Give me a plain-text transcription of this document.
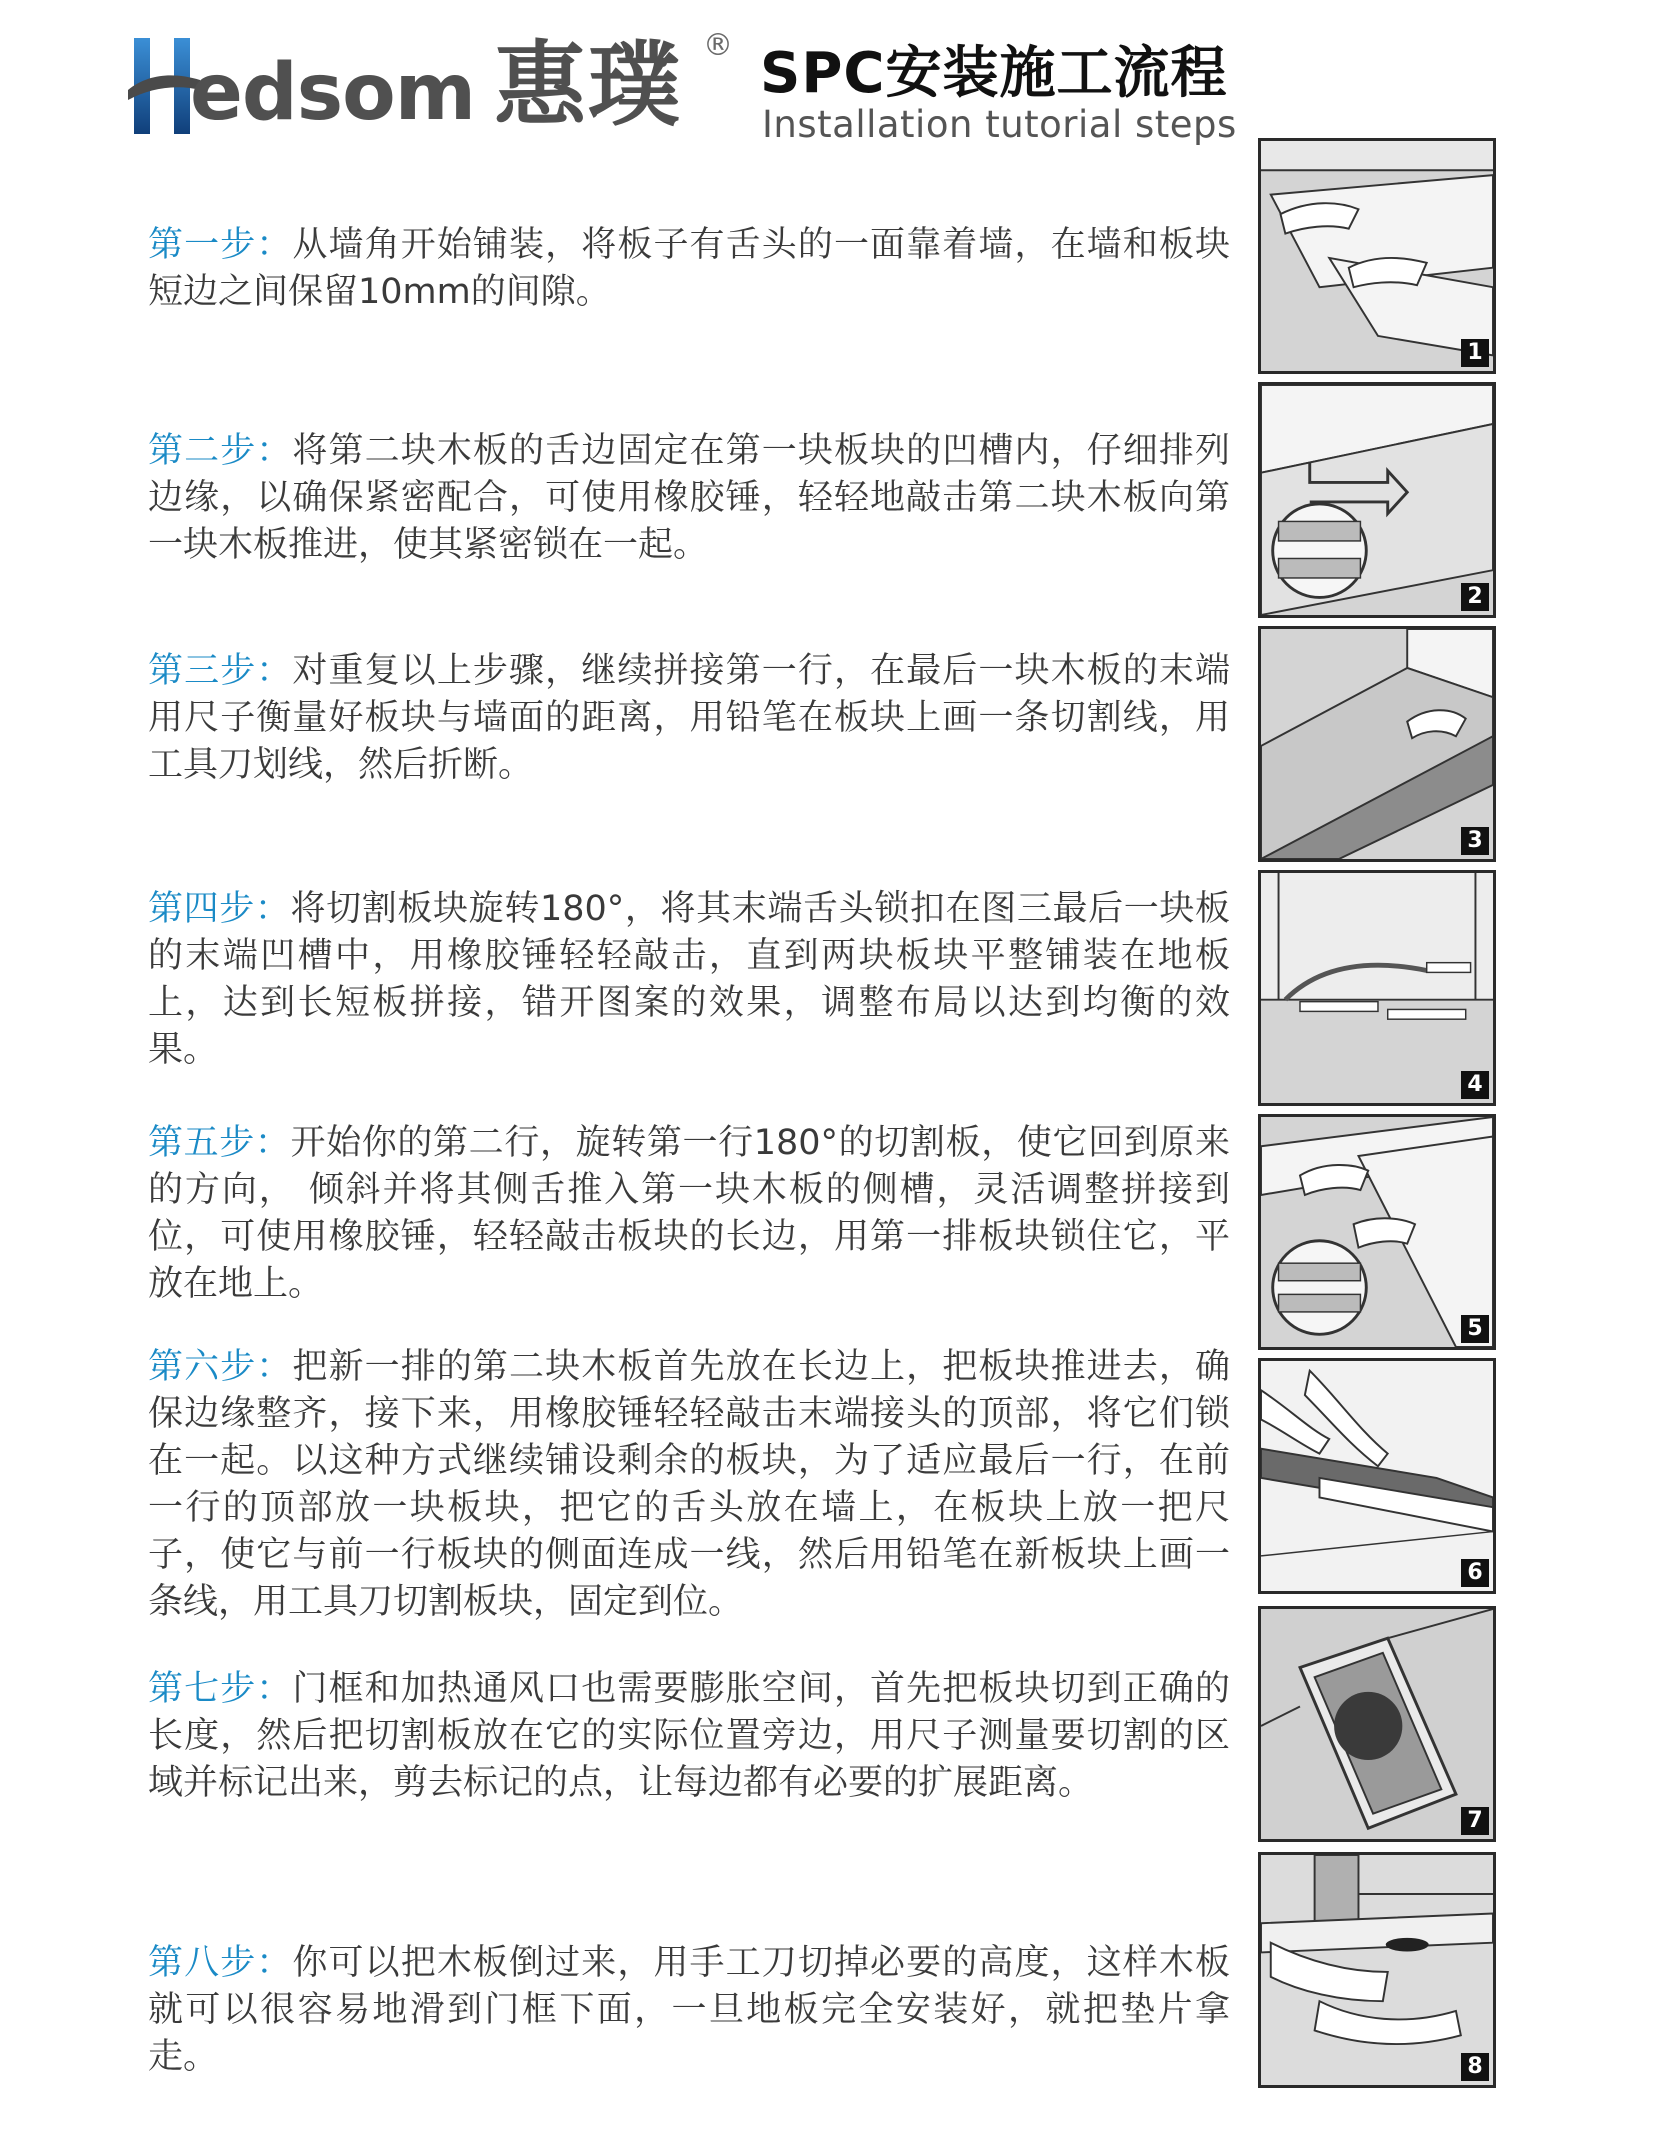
edsom 惠璞 ® SPC安装施工流程
Installation tutorial steps
第一步：从墙角开始铺装，将板子有舌头的一面靠着墙，在墙和板块短边之间保留10mm的间隙。
第二步：将第二块木板的舌边固定在第一块板块的凹槽内，仔细排列边缘，以确保紧密配合，可使用橡胶锤，轻轻地敲击第二块木板向第一块木板推进，使其紧密锁在一起。
第三步：对重复以上步骤，继续拼接第一行，在最后一块木板的末端用尺子衡量好板块与墙面的距离，用铅笔在板块上画一条切割线，用工具刀划线，然后折断。
第四步：将切割板块旋转180°，将其末端舌头锁扣在图三最后一块板的末端凹槽中，用橡胶锤轻轻敲击，直到两块板块平整铺装在地板上，达到长短板拼接，错开图案的效果，调整布局以达到均衡的效果。
第五步：开始你的第二行，旋转第一行180°的切割板，使它回到原来的方向， 倾斜并将其侧舌推入第一块木板的侧槽，灵活调整拼接到位，可使用橡胶锤，轻轻敲击板块的长边，用第一排板块锁住它，平放在地上。
第六步：把新一排的第二块木板首先放在长边上，把板块推进去，确保边缘整齐，接下来，用橡胶锤轻轻敲击末端接头的顶部，将它们锁在一起。以这种方式继续铺设剩余的板块，为了适应最后一行，在前一行的顶部放一块板块，把它的舌头放在墙上，在板块上放一把尺子，使它与前一行板块的侧面连成一线，然后用铅笔在新板块上画一条线，用工具刀切割板块，固定到位。
第七步：门框和加热通风口也需要膨胀空间，首先把板块切到正确的长度，然后把切割板放在它的实际位置旁边，用尺子测量要切割的区域并标记出来，剪去标记的点，让每边都有必要的扩展距离。
第八步：你可以把木板倒过来，用手工刀切掉必要的高度，这样木板就可以很容易地滑到门框下面，一旦地板完全安装好，就把垫片拿走。
1
2
3
4
5
6
7
8
